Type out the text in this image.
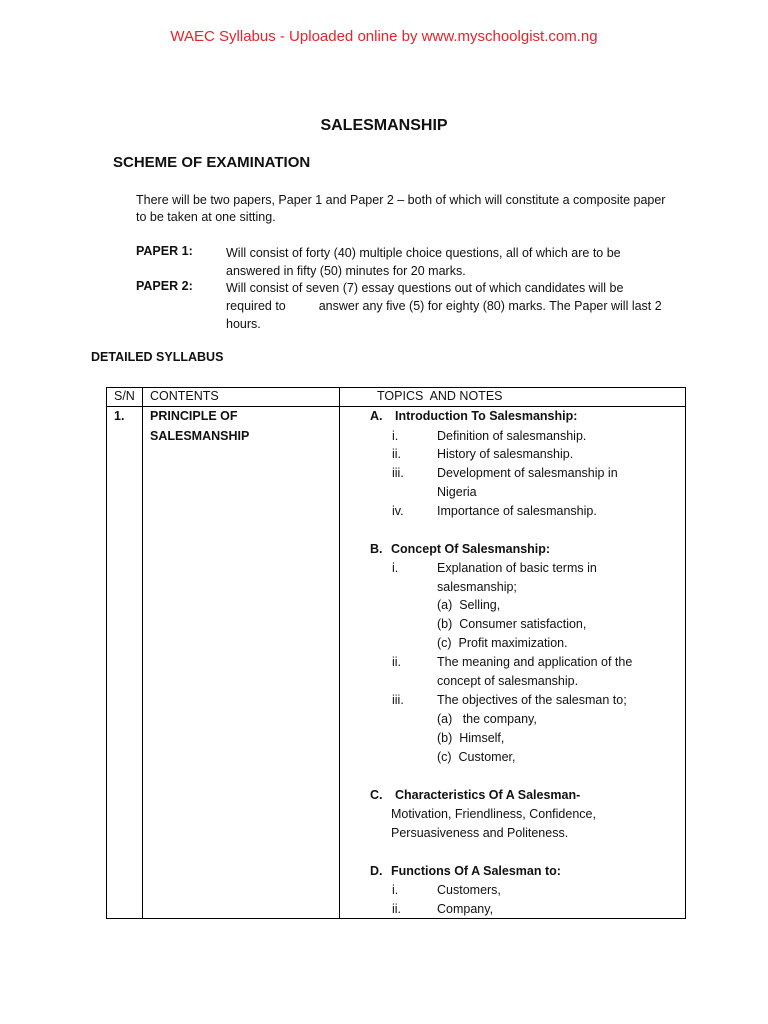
WAEC Syllabus - Uploaded online by www.myschoolgist.com.ng
SALESMANSHIP
SCHEME OF EXAMINATION
There will be two papers, Paper 1 and Paper 2 – both of which will constitute a composite paper
to be taken at one sitting.
PAPER 1:	Will consist of forty (40) multiple choice questions, all of which are to be
answered in fifty (50) minutes for 20 marks.
PAPER 2:	Will consist of seven (7) essay questions out of which candidates will be
required to	answer any five (5) for eighty (80) marks. The Paper will last 2
hours.
DETAILED SYLLABUS
S/N CONTENTS	TOPICS  AND NOTES
1. PRINCIPLE OF
SALESMANSHIP
A. Introduction To Salesmanship:
i.	Definition of salesmanship.
ii.	History of salesmanship.
iii.	Development of salesmanship in
Nigeria
iv.	Importance of salesmanship.
B. Concept Of Salesmanship:
i.	Explanation of basic terms in
salesmanship;
(a)  Selling,
(b)  Consumer satisfaction,
(c)  Profit maximization.
ii.	The meaning and application of the
concept of salesmanship.
iii.	The objectives of the salesman to;
(a)   the company,
(b)  Himself,
(c)  Customer,
C. Characteristics Of A Salesman-
Motivation, Friendliness, Confidence,
Persuasiveness and Politeness.
D. Functions Of A Salesman to:
i.	Customers,
ii.	Company,
